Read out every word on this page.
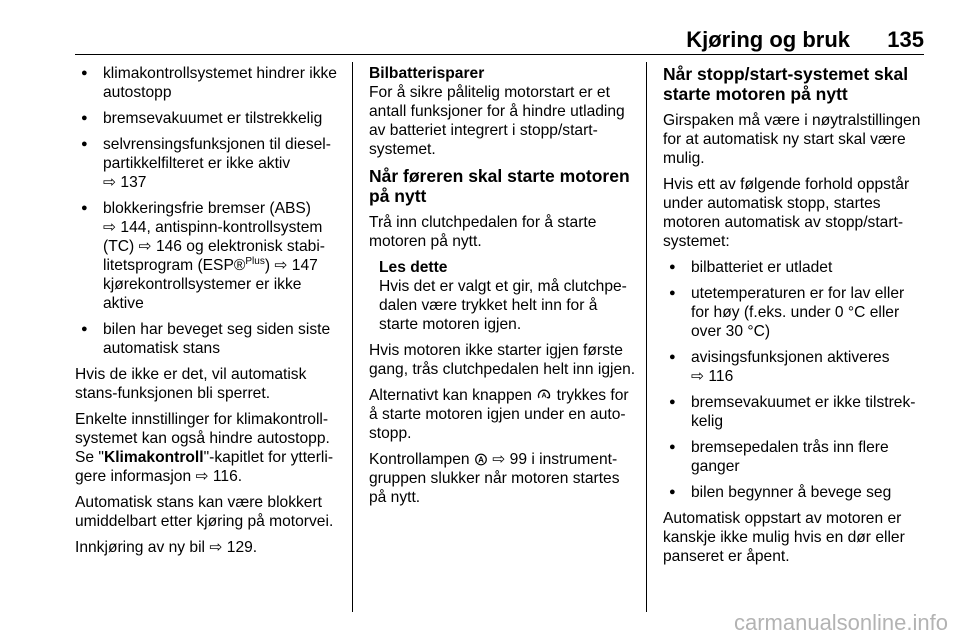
Kjøring og bruk 135
● klimakontrollsystemet hindrer ikke autostopp
● bremsevakuumet er tilstrekkelig
● selvrensingsfunksjonen til diesel-partikkelfilteret er ikke aktiv
⇨ 137
● blokkeringsfrie bremser (ABS)
⇨ 144, antispinn-kontrollsystem (TC) ⇨ 146 og elektronisk stabi-litetsprogram (ESP®$^{Plus}$) ⇨ 147 kjørekontrollsystemer er ikke aktive
● bilen har beveget seg siden siste automatisk stans

Hvis de ikke er det, vil automatisk stans-funksjonen bli sperret.

Enkelte innstillinger for klimakontroll-systemet kan også hindre autostopp. Se "Klimakontroll"-kapitlet for ytterli-gere informasjon ⇨ 116.

Automatisk stans kan være blokkert umiddelbart etter kjøring på motorvei.

Innkjøring av ny bil ⇨ 129.

Bilbatterisparer

For å sikre pålitelig motorstart er et antall funksjoner for å hindre utlading av batteriet integrert i stopp/start-systemet.

Når føreren skal starte motoren på nytt

Trå inn clutchpedalen for å starte motoren på nytt.

Les dette
Hvis det er valgt et gir, må clutchpe-dalen være trykket helt inn for å starte motoren igjen.

Hvis motoren ikke starter igjen første gang, trås clutchpedalen helt inn igjen.

Alternativt kan knappen A trykkes for å starte motoren igjen under en auto-stopp.

Kontrollampen A ⇨ 99 i instrument-gruppen slukker når motoren startes på nytt.

Når stopp/start-systemet skal starte motoren på nytt

Girspaken må være i nøytralstillingen for at automatisk ny start skal være mulig.

Hvis ett av følgende forhold oppstår under automatisk stopp, startes motoren automatisk av stopp/start-systemet:

● bilbatteriet er utladet
● utetemperaturen er for lav eller for høy (f.eks. under 0 °C eller over 30 °C)
● avisingsfunksjonen aktiveres
⇨ 116
● bremsevakuumet er ikke tilstrek-kelig
● bremsepedalen trås inn flere ganger
● bilen begynner å bevege seg

Automatisk oppstart av motoren er kanskje ikke mulig hvis en dør eller panseret er åpent.

carmanualsonline.info
